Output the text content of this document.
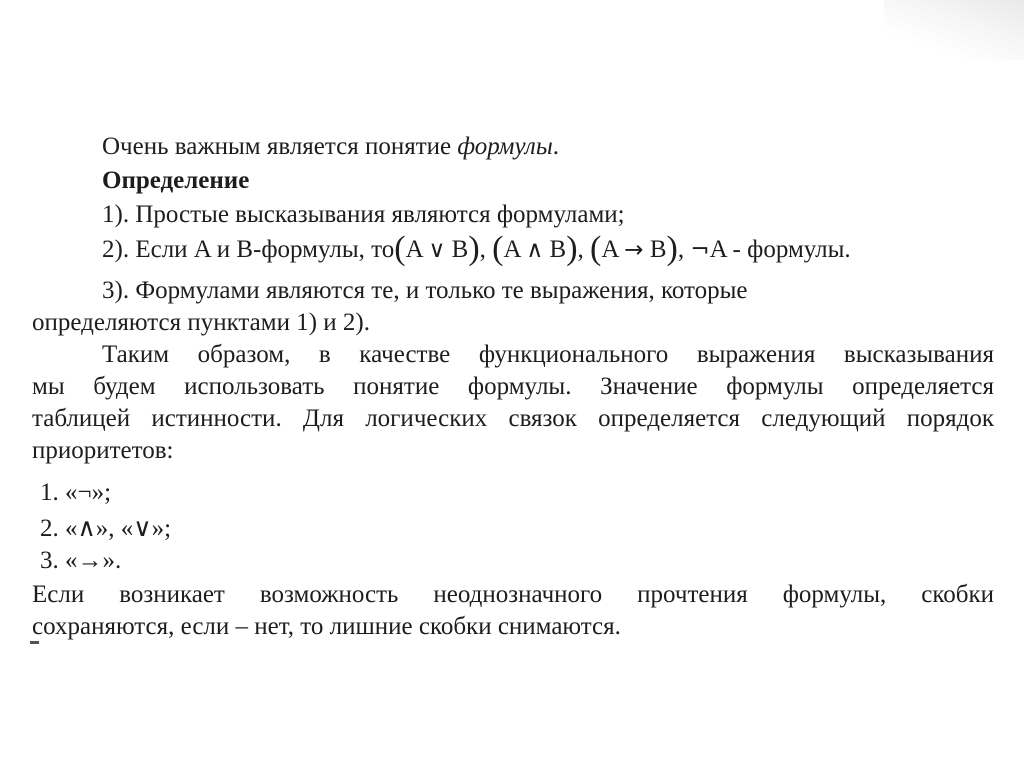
Очень важным является понятие формулы.
Определение
1). Простые высказывания являются формулами;
2). Если A и B-формулы, то(A ∨ B), (A ∧ B), (A → B), ¬A - формулы.
3). Формулами являются те, и только те выражения, которые
определяются пунктами 1) и 2).
Таким образом, в качестве функционального выражения высказывания
мы будем использовать понятие формулы. Значение формулы определяется
таблицей истинности. Для логических связок определяется следующий порядок
приоритетов:
1. «¬»;
2. «∧», «∨»;
3. «→».
Если возникает возможность неоднозначного прочтения формулы, скобки
сохраняются, если – нет, то лишние скобки снимаются.
